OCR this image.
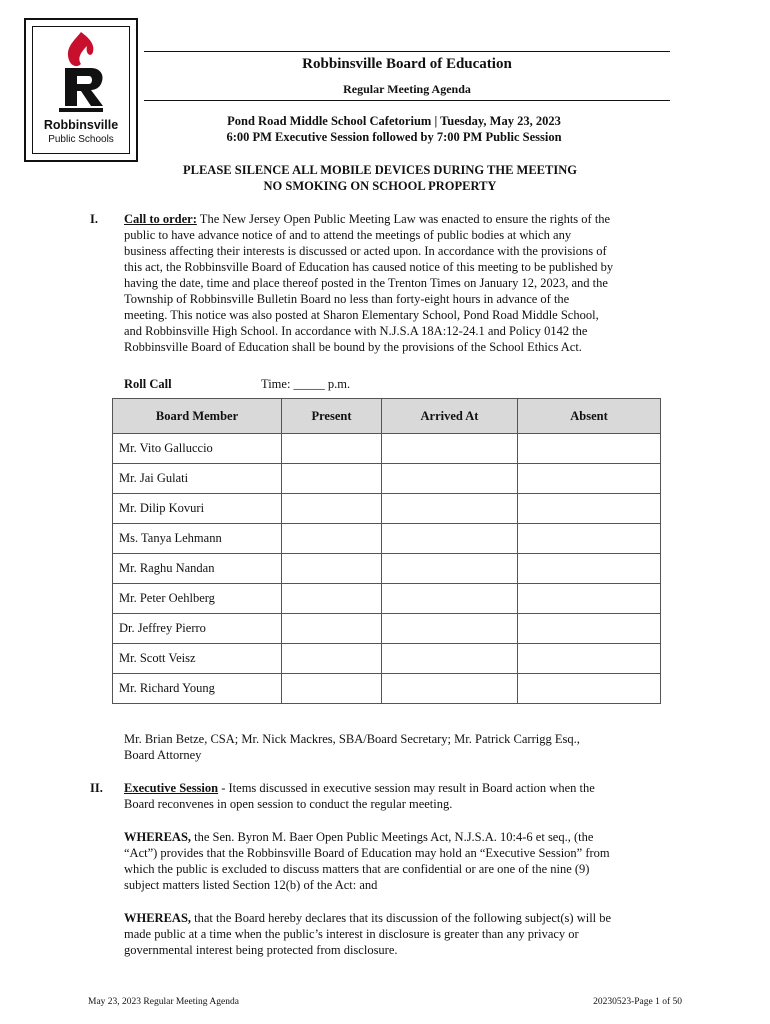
Robbinsville
Public Schools
Robbinsville Board of Education
Regular Meeting Agenda
Pond Road Middle School Cafetorium | Tuesday, May 23, 2023
6:00 PM Executive Session followed by 7:00 PM Public Session
PLEASE SILENCE ALL MOBILE DEVICES DURING THE MEETING
NO SMOKING ON SCHOOL PROPERTY
I. Call to order: The New Jersey Open Public Meeting Law was enacted to ensure the rights of the
public to have advance notice of and to attend the meetings of public bodies at which any
business affecting their interests is discussed or acted upon. In accordance with the provisions of
this act, the Robbinsville Board of Education has caused notice of this meeting to be published by
having the date, time and place thereof posted in the Trenton Times on January 12, 2023, and the
Township of Robbinsville Bulletin Board no less than forty-eight hours in advance of the
meeting. This notice was also posted at Sharon Elementary School, Pond Road Middle School,
and Robbinsville High School. In accordance with N.J.S.A 18A:12-24.1 and Policy 0142 the
Robbinsville Board of Education shall be bound by the provisions of the School Ethics Act.
Roll Call	Time: _____ p.m.
Board Member	Present	Arrived At	Absent
Mr. Vito Galluccio			
Mr. Jai Gulati			
Mr. Dilip Kovuri			
Ms. Tanya Lehmann			
Mr. Raghu Nandan			
Mr. Peter Oehlberg			
Dr. Jeffrey Pierro			
Mr. Scott Veisz			
Mr. Richard Young			
Mr. Brian Betze, CSA; Mr. Nick Mackres, SBA/Board Secretary; Mr. Patrick Carrigg Esq.,
Board Attorney
II. Executive Session - Items discussed in executive session may result in Board action when the
Board reconvenes in open session to conduct the regular meeting.
WHEREAS, the Sen. Byron M. Baer Open Public Meetings Act, N.J.S.A. 10:4-6 et seq., (the
“Act”) provides that the Robbinsville Board of Education may hold an “Executive Session” from
which the public is excluded to discuss matters that are confidential or are one of the nine (9)
subject matters listed Section 12(b) of the Act: and
WHEREAS, that the Board hereby declares that its discussion of the following subject(s) will be
made public at a time when the public’s interest in disclosure is greater than any privacy or
governmental interest being protected from disclosure.
May 23, 2023 Regular Meeting Agenda	20230523-Page 1 of 50
